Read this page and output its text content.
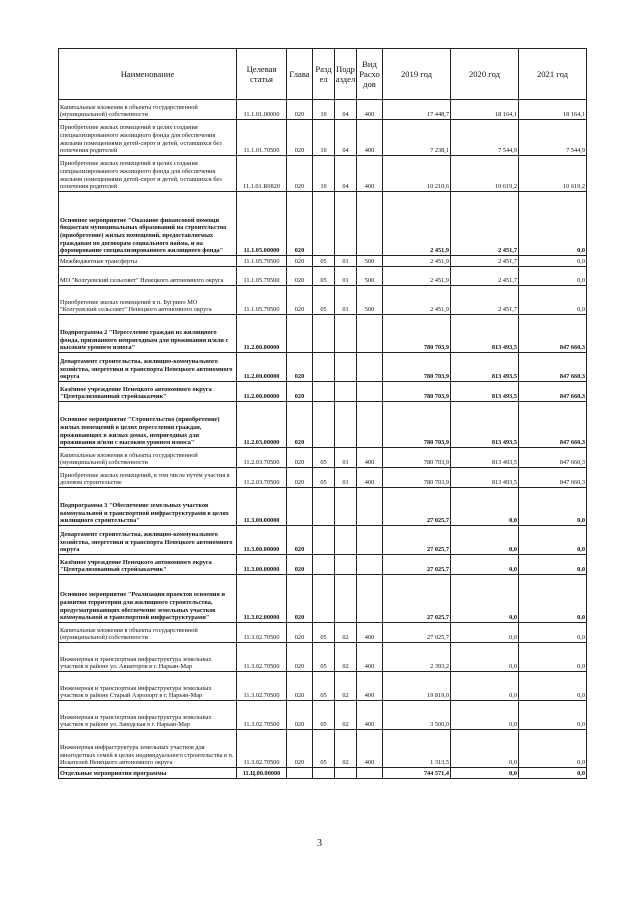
Наименование	Целевая статья	Глава	Разд ел	Подр аздел	Вид Расхо дов	2019 год	2020 год	2021 год
Капитальные вложения в объекты государственной (муниципальной) собственности	11.1.01.00000	020	10	04	400	17 448,7	18 164,1	18 164,1
Приобретение жилых помещений в целях создания специализированного жилищного фонда для обеспечения жилыми помещениями детей-сирот и детей, оставшихся без попечения родителей	11.1.01.70500	020	10	04	400	7 238,1	7 544,9	7 544,9
Приобретение жилых помещений в целях создания специализированного жилищного фонда для обеспечения жилыми помещениями детей-сирот и детей, оставшихся без попечения родителей	11.1.01.R0820	020	10	04	400	10 210,6	10 619,2	10 619,2
Основное мероприятие "Оказание финансовой помощи бюджетам муниципальных образований на строительство (приобретение) жилых помещений, предоставляемых гражданам по договорам социального найма, и на формирование специализированного жилищного фонда"	11.1.05.00000	020				2 451,9	2 451,7	0,0
Межбюджетные трансферты	11.1.05.79500	020	05	01	500	2 451,9	2 451,7	0,0
МО "Колгуевский сельсовет" Ненецкого автономного округа	11.1.05.79500	020	05	01	500	2 451,9	2 451,7	0,0
Приобретение жилых помещений в п. Бугрино МО "Колгуевский сельсовет" Ненецкого автономного округа	11.1.05.79500	020	05	01	500	2 451,9	2 451,7	0,0
Подпрограмма 2 "Переселение граждан из жилищного фонда, признанного непригодным для проживания и/или с высоким уровнем износа"	11.2.00.00000					780 703,9	813 493,5	847 660,3
Департамент строительства, жилищно-коммунального хозяйства, энергетики и транспорта Ненецкого автономного округа	11.2.00.00000	020				780 703,9	813 493,5	847 660,3
Казённое учреждение Ненецкого автономного округа "Централизованный стройзаказчик"	11.2.00.00000	020				780 703,9	813 493,5	847 660,3
Основное мероприятие "Строительство (приобретение) жилых помещений в целях переселения граждан, проживающих в жилых домах, непригодных для проживания и/или с высоким уровнем износа"	11.2.03.00000	020				780 703,9	813 493,5	847 660,3
Капитальные вложения в объекты государственной (муниципальной) собственности	11.2.03.70500	020	05	01	400	780 703,9	813 493,5	847 660,3
Приобретение жилых помещений, в том числе путём участия в долевом строительстве	11.2.03.70500	020	05	01	400	780 703,9	813 493,5	847 660,3
Подпрограмма 3 "Обеспечение земельных участков коммунальной и транспортной инфраструктурами в целях жилищного строительства"	11.3.00.00000					27 025,7	0,0	0,0
Департамент строительства, жилищно-коммунального хозяйства, энергетики и транспорта Ненецкого автономного округа	11.3.00.00000	020				27 025,7	0,0	0,0
Казённое учреждение Ненецкого автономного округа "Централизованный стройзаказчик"	11.3.00.00000	020				27 025,7	0,0	0,0
Основное мероприятие "Реализация проектов освоения и развития территории для жилищного строительства, предусматривающих обеспечение земельных участков коммунальной и транспортной инфраструктурами"	11.3.02.00000	020				27 025,7	0,0	0,0
Капитальные вложения в объекты государственной (муниципальной) собственности	11.3.02.70500	020	05	02	400	27 025,7	0,0	0,0
Инженерная и транспортная инфраструктура земельных участков в районе ул. Авиаторов в г. Нарьян-Мар	11.3.02.70500	020	05	02	400	2 393,2	0,0	0,0
Инженерная и транспортная инфраструктура земельных участков в районе Старый Аэропорт в г. Нарьян-Мар	11.3.02.70500	020	05	02	400	19 819,0	0,0	0,0
Инженерная и транспортная инфраструктура земельных участков в районе ул. Заводская в г. Нарьян-Мар	11.3.02.70500	020	05	02	400	3 500,0	0,0	0,0
Инженерная инфраструктура земельных участков для многодетных семей в целях индивидуального строительства в п. Искателей Ненецкого автономного округа	11.3.02.70500	020	05	02	400	1 313,5	0,0	0,0
Отдельные мероприятия программы	11.Ц.00.00000					744 571,4	0,0	0,0
3
